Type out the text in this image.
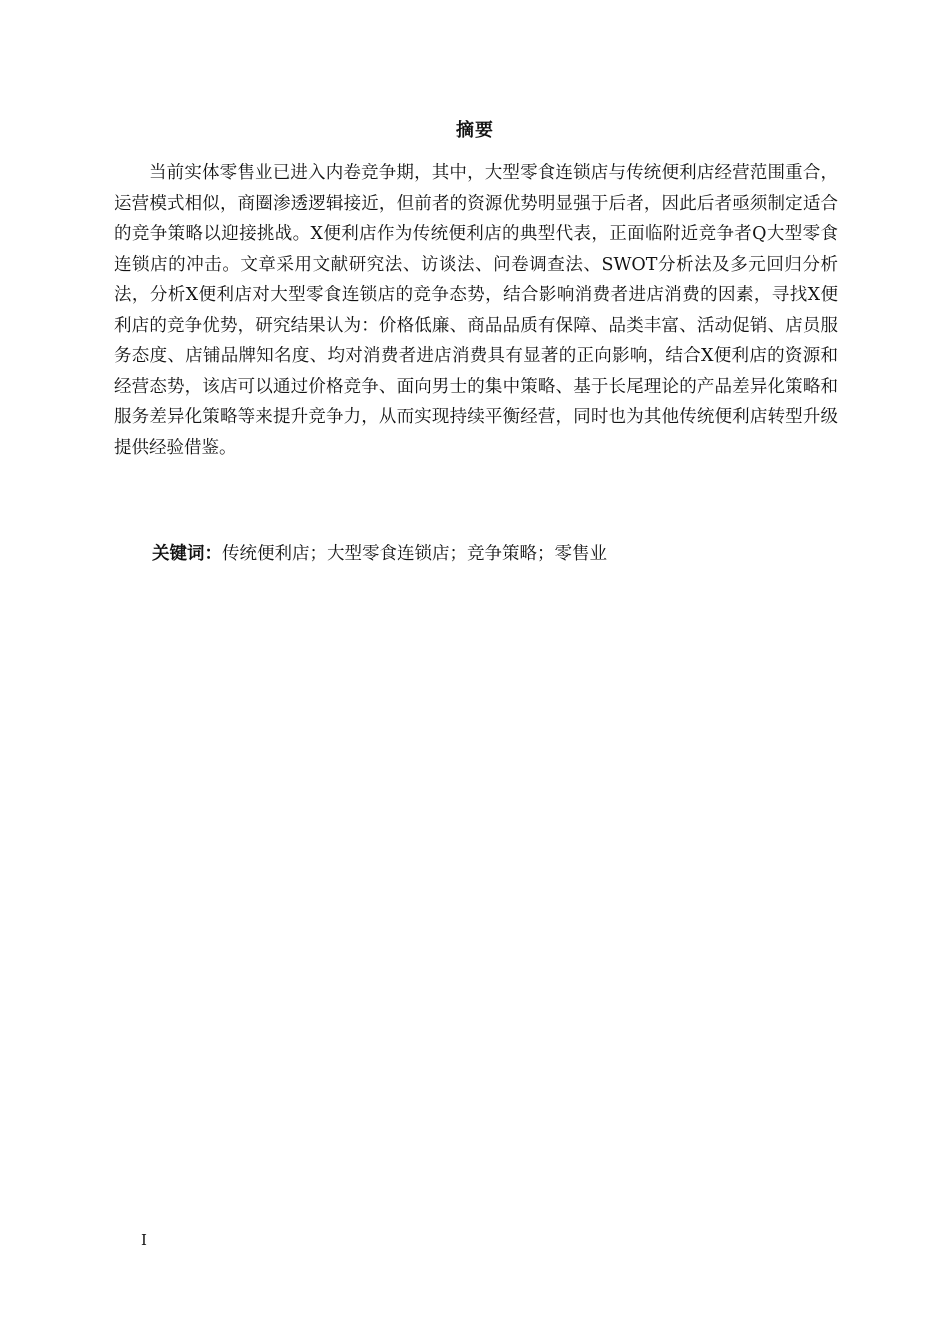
摘要

当前实体零售业已进入内卷竞争期，其中，大型零食连锁店与传统便利店经营范围重合，运营模式相似，商圈渗透逻辑接近，但前者的资源优势明显强于后者，因此后者亟须制定适合的竞争策略以迎接挑战。X便利店作为传统便利店的典型代表，正面临附近竞争者Q大型零食连锁店的冲击。文章采用文献研究法、访谈法、问卷调查法、SWOT分析法及多元回归分析法，分析X便利店对大型零食连锁店的竞争态势，结合影响消费者进店消费的因素，寻找X便利店的竞争优势，研究结果认为：价格低廉、商品品质有保障、品类丰富、活动促销、店员服务态度、店铺品牌知名度、均对消费者进店消费具有显著的正向影响，结合X便利店的资源和经营态势，该店可以通过价格竞争、面向男士的集中策略、基于长尾理论的产品差异化策略和服务差异化策略等来提升竞争力，从而实现持续平衡经营，同时也为其他传统便利店转型升级提供经验借鉴。

关键词：传统便利店；大型零食连锁店；竞争策略；零售业

I
